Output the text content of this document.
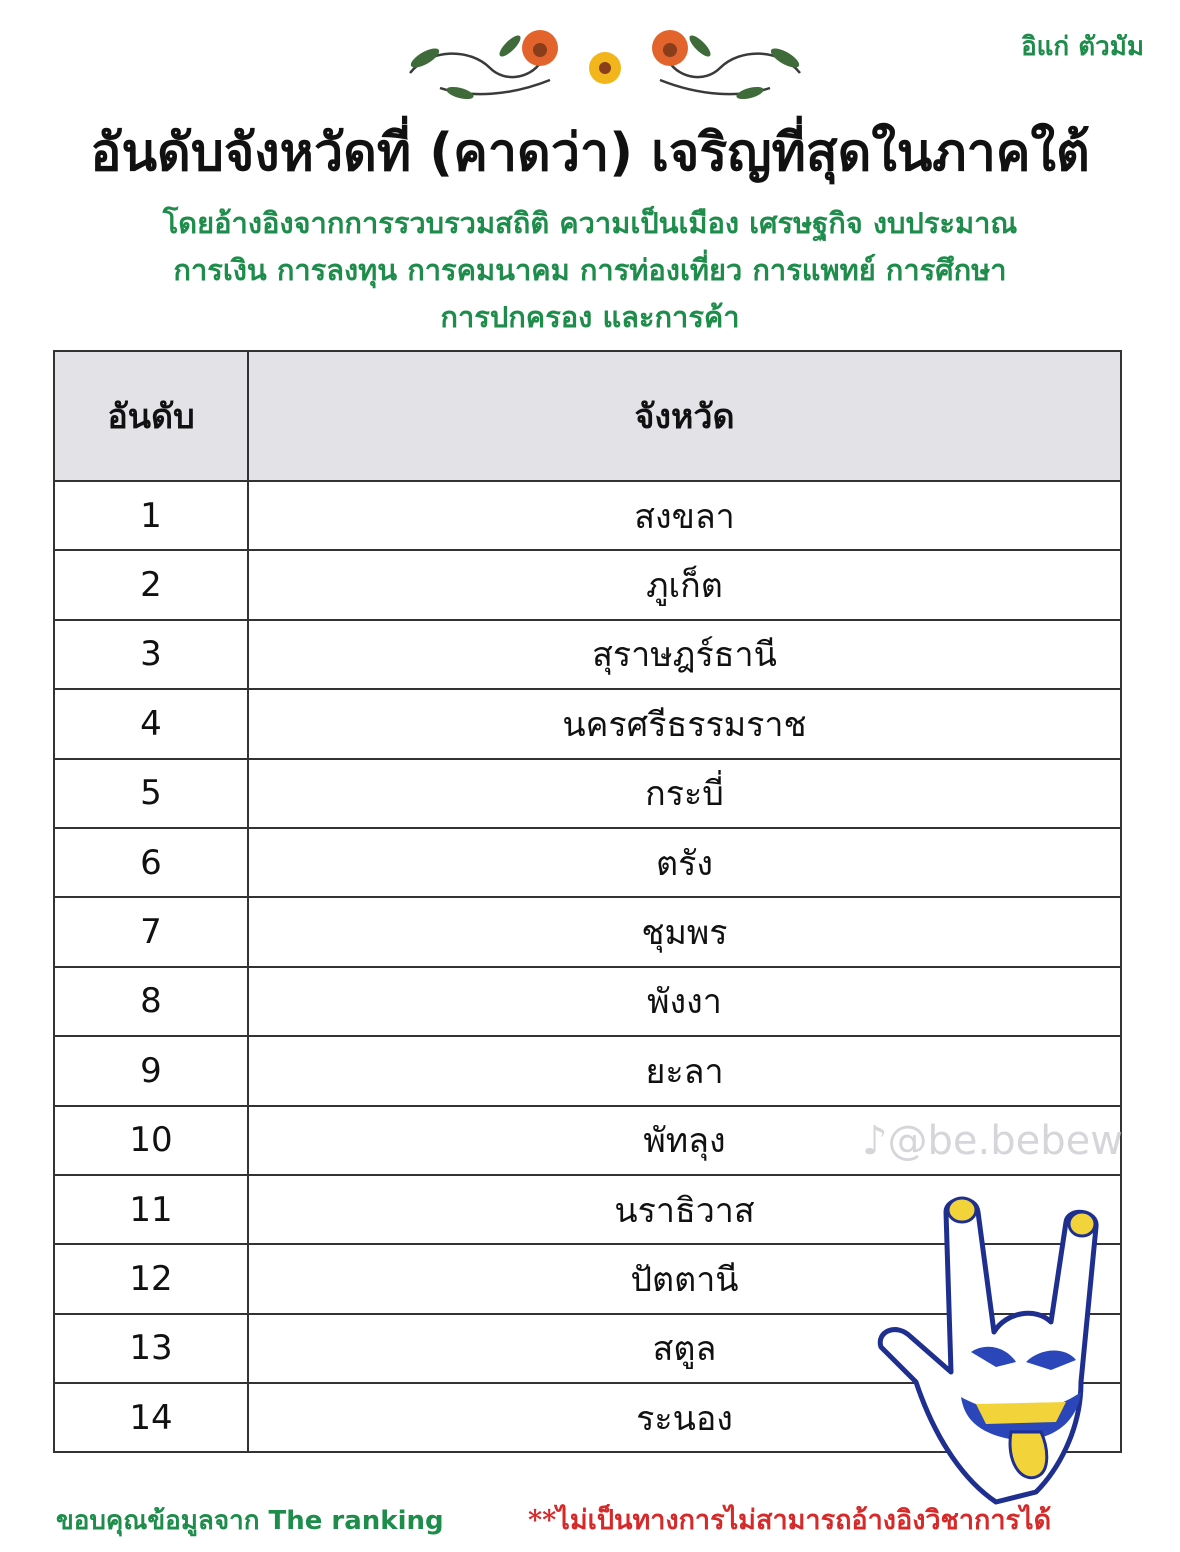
อิแก่ ตัวมัม
อันดับจังหวัดที่ (คาดว่า) เจริญที่สุดในภาคใต้
โดยอ้างอิงจากการรวบรวมสถิติ ความเป็นเมือง เศรษฐกิจ งบประมาณ
การเงิน การลงทุน การคมนาคม การท่องเที่ยว การแพทย์ การศึกษา
การปกครอง และการค้า
อันดับ	จังหวัด
1	สงขลา
2	ภูเก็ต
3	สุราษฎร์ธานี
4	นครศรีธรรมราช
5	กระบี่
6	ตรัง
7	ชุมพร
8	พังงา
9	ยะลา
10	พัทลุง
11	นราธิวาส
12	ปัตตานี
13	สตูล
14	ระนอง
♪@be.bebew
ขอบคุณข้อมูลจาก The ranking	**ไม่เป็นทางการไม่สามารถอ้างอิงวิชาการได้
